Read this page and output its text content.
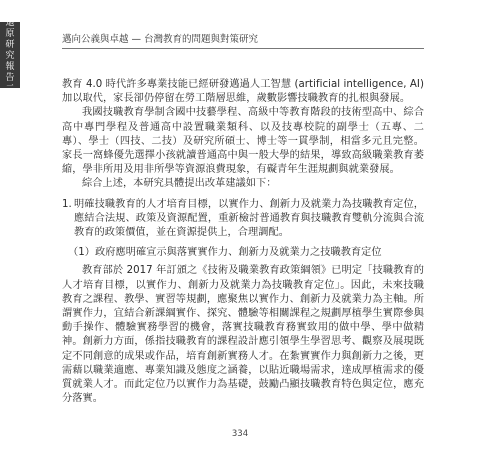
還
原
研
究
報
告
二
邁向公義與卓越 — 台灣教育的問題與對策研究

教育 4.0 時代許多專業技能已經研發邁過人工智慧 (artificial intelligence, AI) 加以取代，家長卻仍停留在勞工階層思維，歲數影響技職教育的扎根與發展。

我國技職教育學制含國中技藝學程、高級中等教育階段的技術型高中、綜合高中專門學程及普通高中設置職業類科、以及技專校院的副學士（五專、二專）、學士（四技、二技）及研究所碩士、博士等一貫學制，相當多元且完整。家長一窩蜂優先選擇小孩就讀普通高中與一般大學的結果，導致高級職業教育萎縮，學非所用及用非所學等資源浪費現象，有礙青年生涯規劃與就業發展。

綜合上述，本研究具體提出改革建議如下：

1. 明確技職教育的人才培育目標，以實作力、創新力及就業力為技職教育定位，應結合法規、政策及資源配置，重新檢討普通教育與技職教育雙軌分流與合流教育的政策價值，並在資源提供上，合理調配。

（1）政府應明確宣示與落實實作力、創新力及就業力之技職教育定位

教育部於 2017 年訂頒之《技術及職業教育政策綱領》已明定「技職教育的人才培育目標，以實作力、創新力及就業力為技職教育定位」。因此，未來技職教育之課程、教學、實習等規劃，應聚焦以實作力、創新力及就業力為主軸。所謂實作力，宜結合新課綱實作、探究、體驗等相關課程之規劃厚植學生實際參與動手操作、體驗實務學習的機會，落實技職教育務實致用的做中學、學中做精神。創新力方面，係指技職教育的課程設計應引領學生學習思考、觀察及展現既定不同創意的成果或作品，培育創新實務人才。在紮實實作力與創新力之後，更需藉以職業適應、專業知識及態度之涵養，以貼近職場需求，達成厚植需求的優質就業人才。而此定位乃以實作力為基礎，鼓勵凸顯技職教育特色與定位，應充分落實。

334
